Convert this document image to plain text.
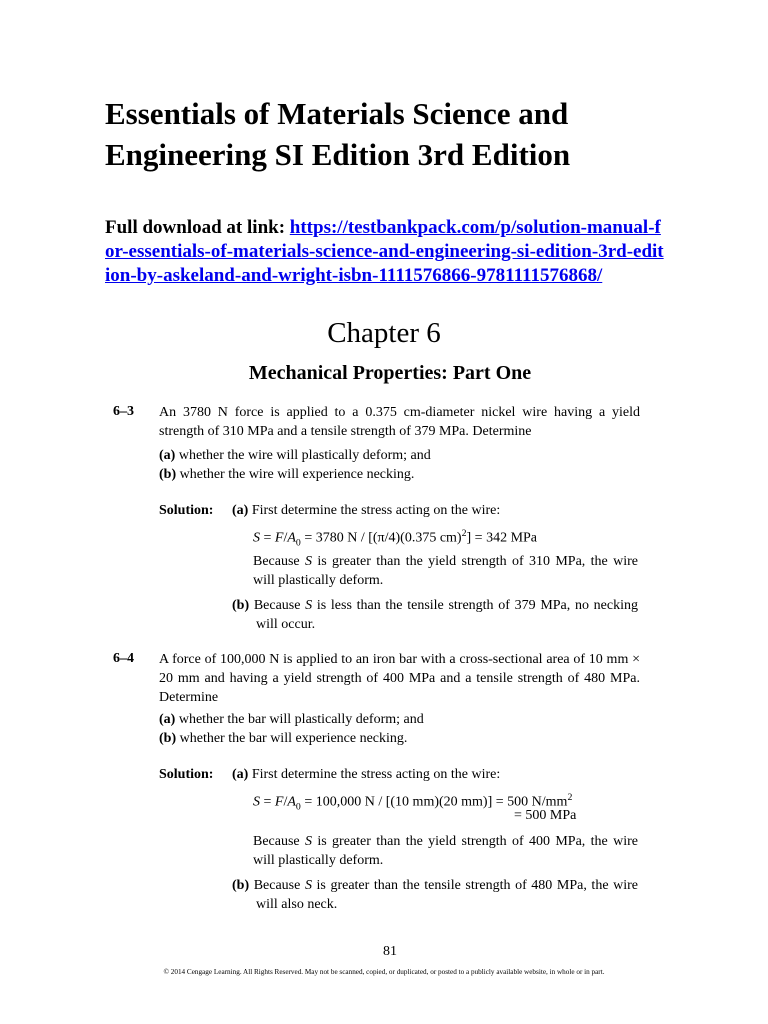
Essentials of Materials Science and
Engineering SI Edition 3rd Edition
Full download at link: https://testbankpack.com/p/solution-manual-for-essentials-of-materials-science-and-engineering-si-edition-3rd-edition-by-askeland-and-wright-isbn-1111576866-9781111576868/
Chapter 6
Mechanical Properties: Part One
6–3 An 3780 N force is applied to a 0.375 cm-diameter nickel wire having a yield strength of 310 MPa and a tensile strength of 379 MPa. Determine
(a) whether the wire will plastically deform; and
(b) whether the wire will experience necking.
Solution: (a) First determine the stress acting on the wire:
$S = F/A_0 = 3780$ N / [(π/4)(0.375 cm)$^2$] = 342 MPa
Because S is greater than the yield strength of 310 MPa, the wire will plastically deform.
(b) Because S is less than the tensile strength of 379 MPa, no necking will occur.
6–4 A force of 100,000 N is applied to an iron bar with a cross-sectional area of 10 mm × 20 mm and having a yield strength of 400 MPa and a tensile strength of 480 MPa. Determine
(a) whether the bar will plastically deform; and
(b) whether the bar will experience necking.
Solution: (a) First determine the stress acting on the wire:
$S = F/A_0 = 100,000$ N / [(10 mm)(20 mm)] = 500 $N/mm^2$
= 500 MPa
Because S is greater than the yield strength of 400 MPa, the wire will plastically deform.
(b) Because S is greater than the tensile strength of 480 MPa, the wire will also neck.
81
© 2014 Cengage Learning. All Rights Reserved. May not be scanned, copied, or duplicated, or posted to a publicly available website, in whole or in part.
